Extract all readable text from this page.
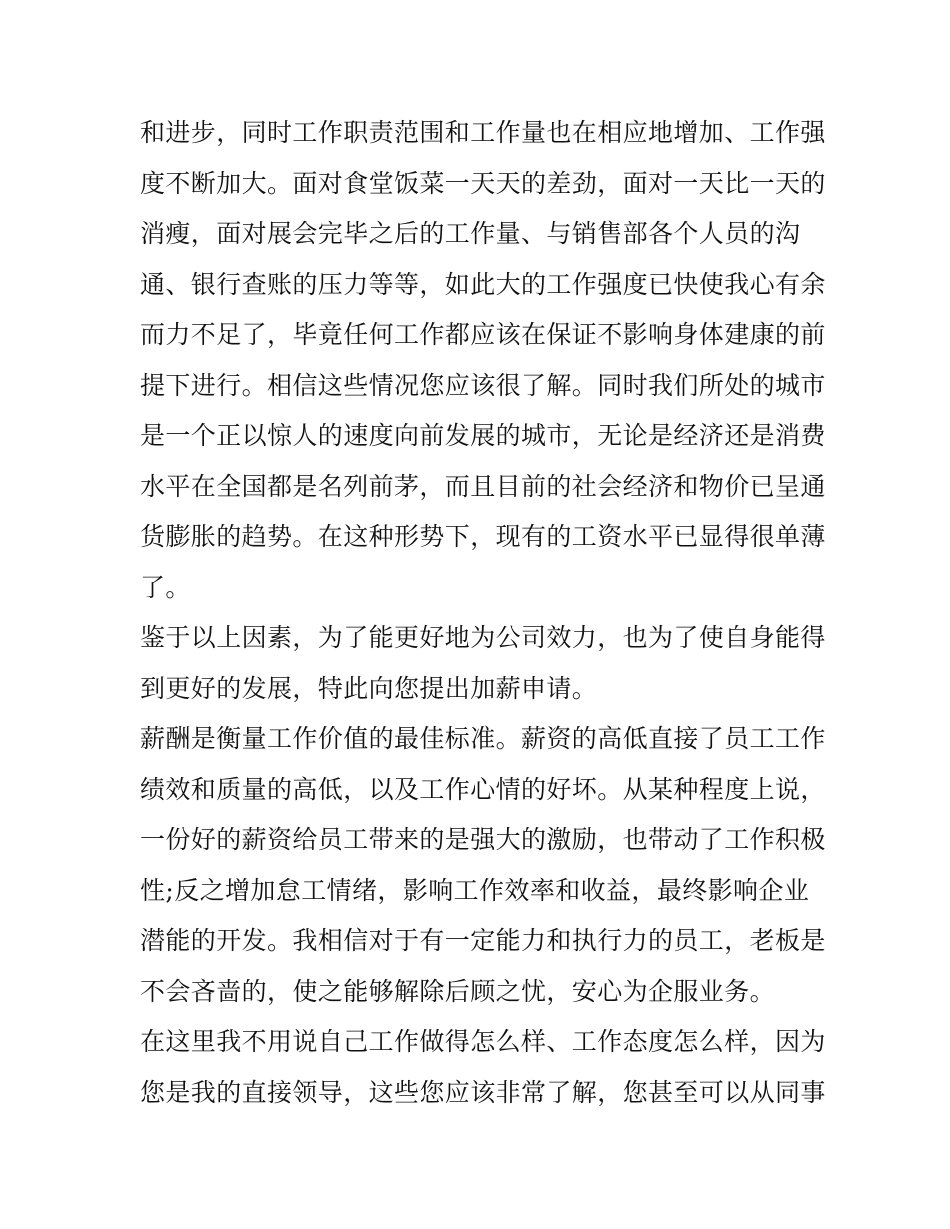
和进步，同时工作职责范围和工作量也在相应地增加、工作强
度不断加大。面对食堂饭菜一天天的差劲，面对一天比一天的
消瘦，面对展会完毕之后的工作量、与销售部各个人员的沟
通、银行查账的压力等等，如此大的工作强度已快使我心有余
而力不足了，毕竟任何工作都应该在保证不影响身体建康的前
提下进行。相信这些情况您应该很了解。同时我们所处的城市
是一个正以惊人的速度向前发展的城市，无论是经济还是消费
水平在全国都是名列前茅，而且目前的社会经济和物价已呈通
货膨胀的趋势。在这种形势下，现有的工资水平已显得很单薄
了。
鉴于以上因素，为了能更好地为公司效力，也为了使自身能得
到更好的发展，特此向您提出加薪申请。
薪酬是衡量工作价值的最佳标准。薪资的高低直接了员工工作
绩效和质量的高低，以及工作心情的好坏。从某种程度上说，
一份好的薪资给员工带来的是强大的激励，也带动了工作积极
性;反之增加怠工情绪，影响工作效率和收益，最终影响企业
潜能的开发。我相信对于有一定能力和执行力的员工，老板是
不会吝啬的，使之能够解除后顾之忧，安心为企服业务。
在这里我不用说自己工作做得怎么样、工作态度怎么样，因为
您是我的直接领导，这些您应该非常了解，您甚至可以从同事
